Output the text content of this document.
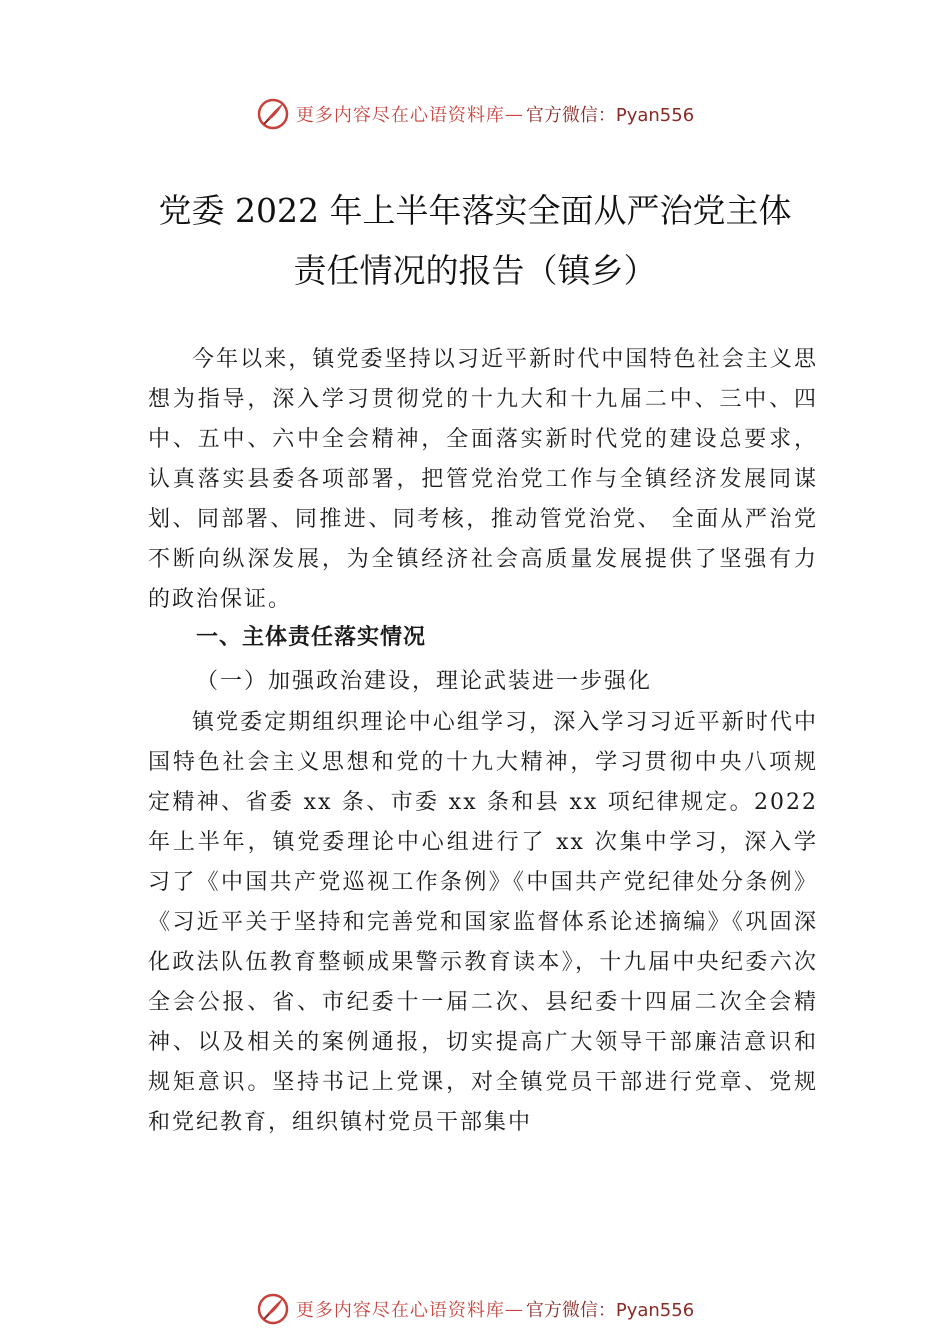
更多内容尽在心语资料库 — 官方微信：Pyan556
党委 2022 年上半年落实全面从严治党主体
责任情况的报告（镇乡）

今年以来，镇党委坚持以习近平新时代中国特色社会主义思想为指导，深入学习贯彻党的十九大和十九届二中、三中、四中、五中、六中全会精神，全面落实新时代党的建设总要求，认真落实县委各项部署，把管党治党工作与全镇经济发展同谋划、同部署、同推进、同考核，推动管党治党、 全面从严治党不断向纵深发展，为全镇经济社会高质量发展提供了坚强有力的政治保证。

一、主体责任落实情况
（一）加强政治建设，理论武装进一步强化

镇党委定期组织理论中心组学习，深入学习习近平新时代中国特色社会主义思想和党的十九大精神，学习贯彻中央八项规定精神、省委 xx 条、市委 xx 条和县 xx 项纪律规定。2022 年上半年，镇党委理论中心组进行了 xx 次集中学习，深入学习了《中国共产党巡视工作条例》《中国共产党纪律处分条例》《习近平关于坚持和完善党和国家监督体系论述摘编》《巩固深化政法队伍教育整顿成果警示教育读本》，十九届中央纪委六次全会公报、省、市纪委十一届二次、县纪委十四届二次全会精神、以及相关的案例通报，切实提高广大领导干部廉洁意识和规矩意识。坚持书记上党课，对全镇党员干部进行党章、党规和党纪教育，组织镇村党员干部集中

更多内容尽在心语资料库 — 官方微信：Pyan556
